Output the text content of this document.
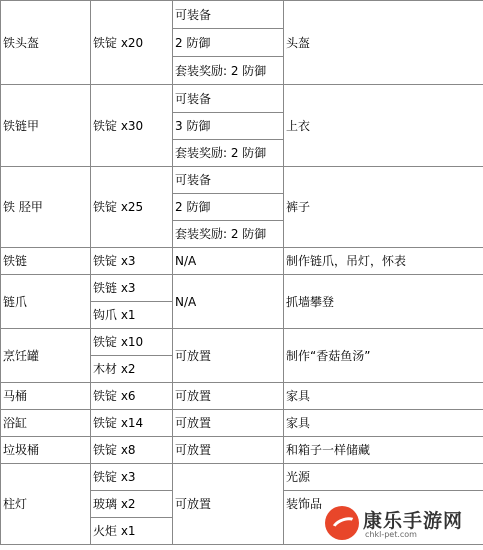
铁头盔	铁锭 x20	可装备	头盔
		2 防御	
		套装奖励: 2 防御	
铁链甲	铁锭 x30	可装备	上衣
		3 防御	
		套装奖励: 2 防御	
铁 胫甲	铁锭 x25	可装备	裤子
		2 防御	
		套装奖励: 2 防御	
铁链	铁锭 x3	N/A	制作链爪，吊灯，怀表
链爪	铁链 x3	N/A	抓墙攀登
	钩爪 x1		
烹饪罐	铁锭 x10	可放置	制作“香菇鱼汤”
	木材 x2		
马桶	铁锭 x6	可放置	家具
浴缸	铁锭 x14	可放置	家具
垃圾桶	铁锭 x8	可放置	和箱子一样储藏
柱灯	铁锭 x3	可放置	光源
	玻璃 x2		装饰品
	火炬 x1			康乐手游网
chkl-pet.com
